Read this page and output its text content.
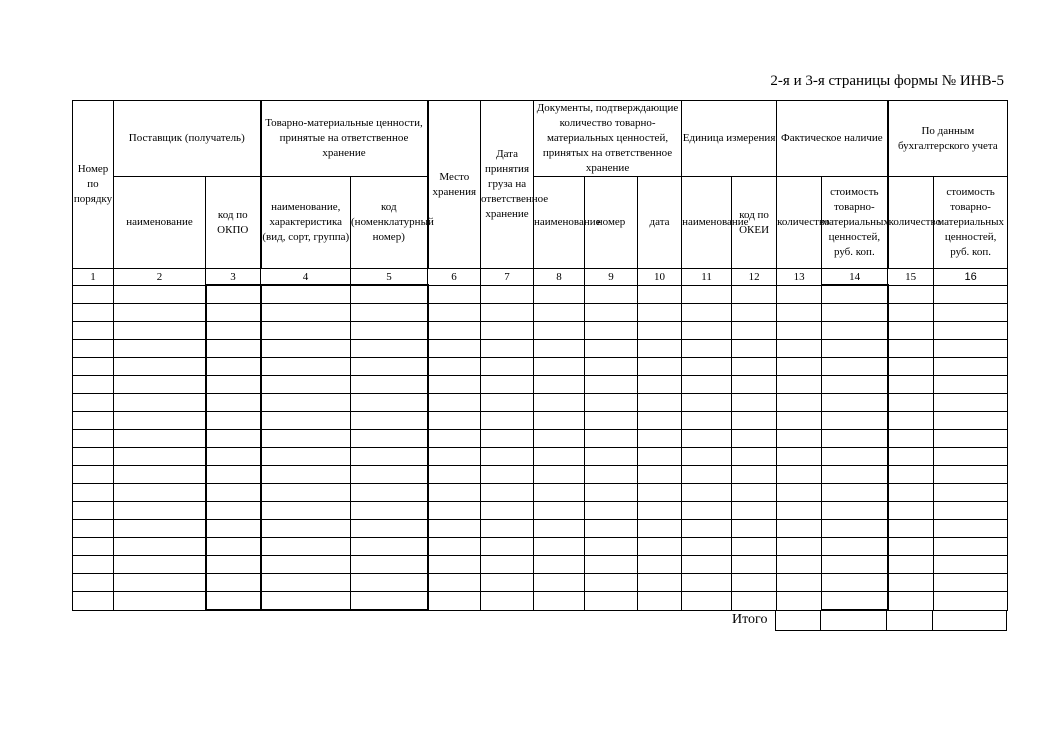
2-я и 3-я страницы формы № ИНВ-5
Номер по порядку	Поставщик (получатель)		Товарно-материальные ценности, принятые на ответственное хранение		Место хранения	Дата принятия груза на ответственное хранение	Документы, подтверждающие количество товарно-материальных ценностей, принятых на ответственное хранение			Единица измерения		Фактическое наличие		По данным бухгалтерского учета	
	наименование	код по ОКПО	наименование, характеристика (вид, сорт, группа)	код (номенклатурный номер)			наименование	номер	дата	наименование	код по ОКЕИ	количество	стоимость товарно-материальных ценностей, руб. коп.	количество	стоимость товарно-материальных ценностей, руб. коп.
1	2	3	4	5	6	7	8	9	10	11	12	13	14	15	16

Итого
